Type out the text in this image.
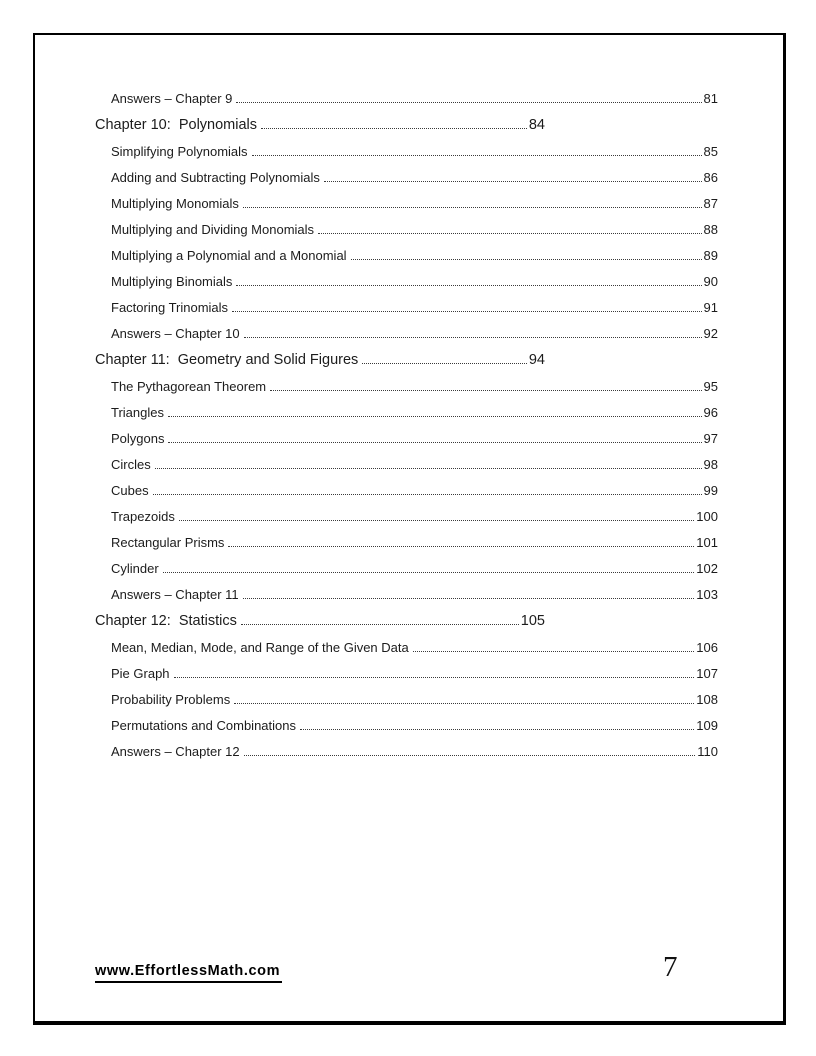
Answers – Chapter 9	81
Chapter 10:  Polynomials	84
Simplifying Polynomials	85
Adding and Subtracting Polynomials	86
Multiplying Monomials	87
Multiplying and Dividing Monomials	88
Multiplying a Polynomial and a Monomial	89
Multiplying Binomials	90
Factoring Trinomials	91
Answers – Chapter 10	92
Chapter 11:  Geometry and Solid Figures	94
The Pythagorean Theorem	95
Triangles	96
Polygons	97
Circles	98
Cubes	99
Trapezoids	100
Rectangular Prisms	101
Cylinder	102
Answers – Chapter 11	103
Chapter 12:  Statistics	105
Mean, Median, Mode, and Range of the Given Data	106
Pie Graph	107
Probability Problems	108
Permutations and Combinations	109
Answers – Chapter 12	110
www.EffortlessMath.com	7
